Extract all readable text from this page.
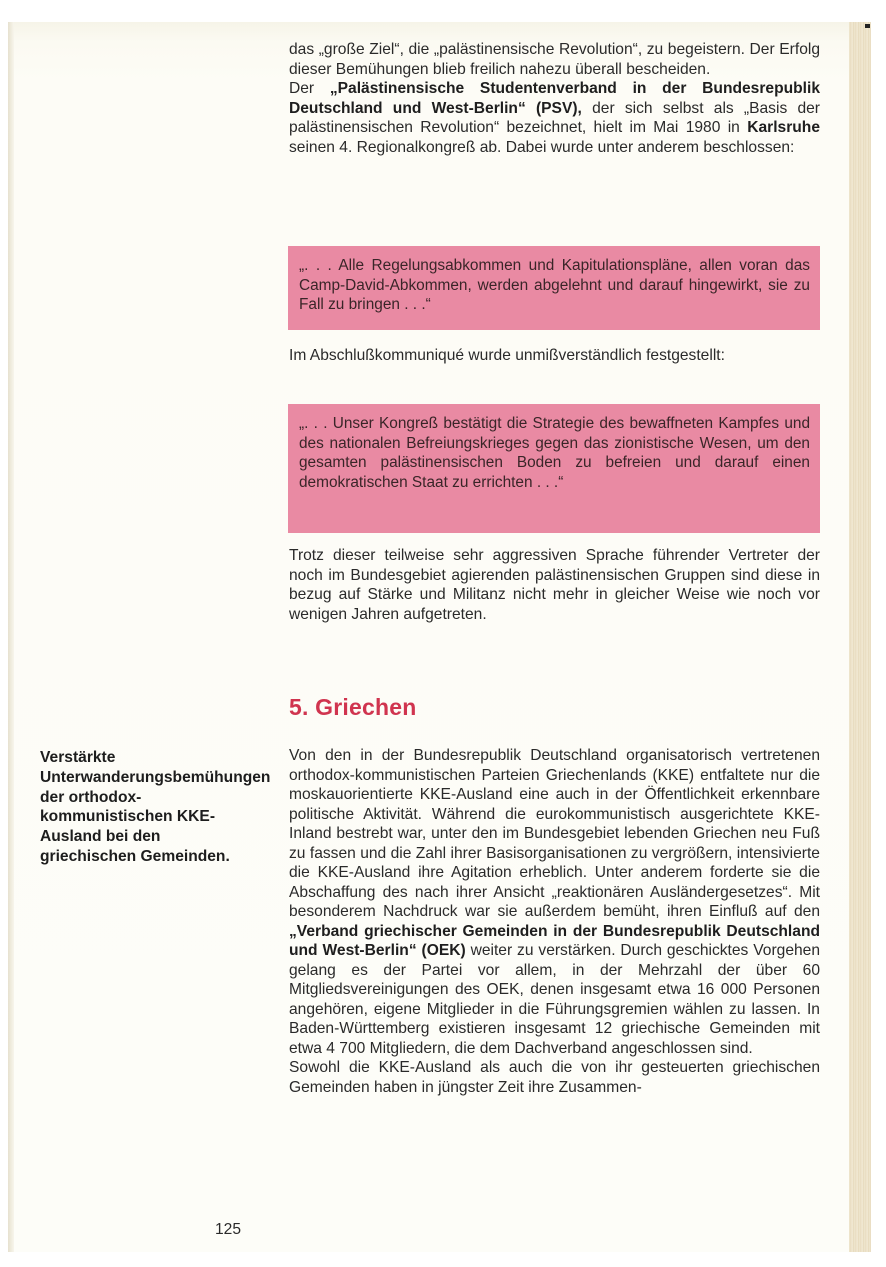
das „große Ziel“, die „palästinensische Revolution“, zu begeistern. Der Erfolg dieser Bemühungen blieb freilich nahezu überall bescheiden.

Der „Palästinensische Studentenverband in der Bundesrepublik Deutschland und West-Berlin“ (PSV), der sich selbst als „Basis der palästinensischen Revolution“ bezeichnet, hielt im Mai 1980 in Karlsruhe seinen 4. Regionalkongreß ab. Dabei wurde unter anderem beschlossen:

„. . . Alle Regelungsabkommen und Kapitulationspläne, allen voran das Camp-David-Abkommen, werden abgelehnt und darauf hingewirkt, sie zu Fall zu bringen . . .“

Im Abschlußkommuniqué wurde unmißverständlich festgestellt:

„. . . Unser Kongreß bestätigt die Strategie des bewaffneten Kampfes und des nationalen Befreiungskrieges gegen das zionistische Wesen, um den gesamten palästinensischen Boden zu befreien und darauf einen demokratischen Staat zu errichten . . .“

Trotz dieser teilweise sehr aggressiven Sprache führender Vertreter der noch im Bundesgebiet agierenden palästinensischen Gruppen sind diese in bezug auf Stärke und Militanz nicht mehr in gleicher Weise wie noch vor wenigen Jahren aufgetreten.

5. Griechen

Verstärkte Unterwanderungsbemühungen der orthodox-kommunistischen KKE-Ausland bei den griechischen Gemeinden.

Von den in der Bundesrepublik Deutschland organisatorisch vertretenen orthodox-kommunistischen Parteien Griechenlands (KKE) entfaltete nur die moskauorientierte KKE-Ausland eine auch in der Öffentlichkeit erkennbare politische Aktivität. Während die eurokommunistisch ausgerichtete KKE-Inland bestrebt war, unter den im Bundesgebiet lebenden Griechen neu Fuß zu fassen und die Zahl ihrer Basisorganisationen zu vergrößern, intensivierte die KKE-Ausland ihre Agitation erheblich. Unter anderem forderte sie die Abschaffung des nach ihrer Ansicht „reaktionären Ausländergesetzes“. Mit besonderem Nachdruck war sie außerdem bemüht, ihren Einfluß auf den „Verband griechischer Gemeinden in der Bundesrepublik Deutschland und West-Berlin“ (OEK) weiter zu verstärken. Durch geschicktes Vorgehen gelang es der Partei vor allem, in der Mehrzahl der über 60 Mitgliedsvereinigungen des OEK, denen insgesamt etwa 16 000 Personen angehören, eigene Mitglieder in die Führungsgremien wählen zu lassen. In Baden-Württemberg existieren insgesamt 12 griechische Gemeinden mit etwa 4 700 Mitgliedern, die dem Dachverband angeschlossen sind.

Sowohl die KKE-Ausland als auch die von ihr gesteuerten griechischen Gemeinden haben in jüngster Zeit ihre Zusammen-

125
